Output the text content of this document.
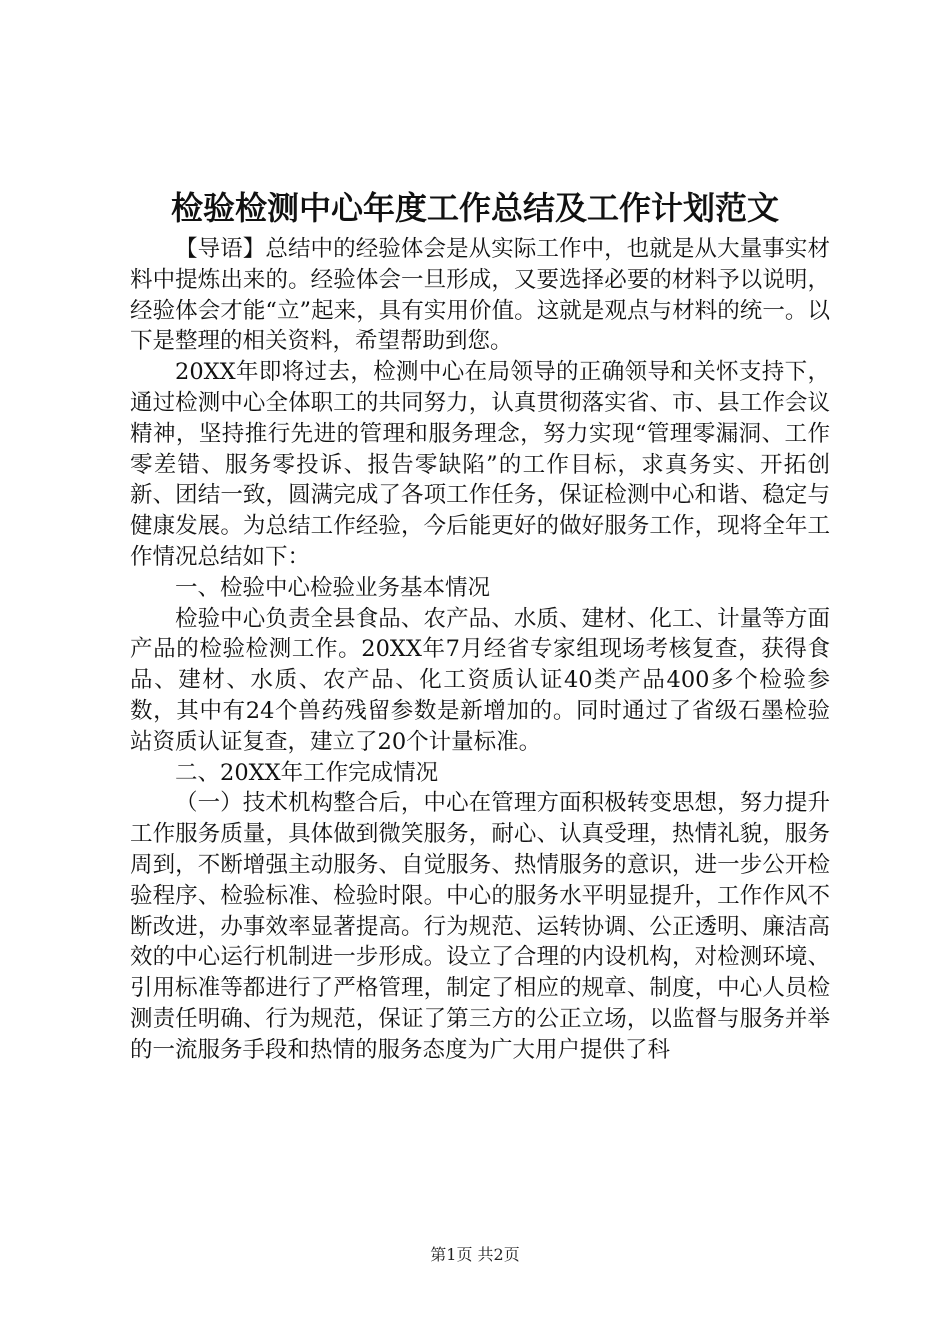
检验检测中心年度工作总结及工作计划范文

【导语】总结中的经验体会是从实际工作中，也就是从大量事实材料中提炼出来的。经验体会一旦形成，又要选择必要的材料予以说明，经验体会才能“立”起来，具有实用价值。这就是观点与材料的统一。以下是整理的相关资料，希望帮助到您。

20XX年即将过去，检测中心在局领导的正确领导和关怀支持下，通过检测中心全体职工的共同努力，认真贯彻落实省、市、县工作会议精神，坚持推行先进的管理和服务理念，努力实现“管理零漏洞、工作零差错、服务零投诉、报告零缺陷”的工作目标，求真务实、开拓创新、团结一致，圆满完成了各项工作任务，保证检测中心和谐、稳定与健康发展。为总结工作经验，今后能更好的做好服务工作，现将全年工作情况总结如下：

一、检验中心检验业务基本情况

检验中心负责全县食品、农产品、水质、建材、化工、计量等方面产品的检验检测工作。20XX年7月经省专家组现场考核复查，获得食品、建材、水质、农产品、化工资质认证40类产品400多个检验参数，其中有24个兽药残留参数是新增加的。同时通过了省级石墨检验站资质认证复查，建立了20个计量标准。

二、20XX年工作完成情况

（一）技术机构整合后，中心在管理方面积极转变思想，努力提升工作服务质量，具体做到微笑服务，耐心、认真受理，热情礼貌，服务周到，不断增强主动服务、自觉服务、热情服务的意识，进一步公开检验程序、检验标准、检验时限。中心的服务水平明显提升，工作作风不断改进，办事效率显著提高。行为规范、运转协调、公正透明、廉洁高效的中心运行机制进一步形成。设立了合理的内设机构，对检测环境、引用标准等都进行了严格管理，制定了相应的规章、制度，中心人员检测责任明确、行为规范，保证了第三方的公正立场，以监督与服务并举的一流服务手段和热情的服务态度为广大用户提供了科

第1页 共2页
